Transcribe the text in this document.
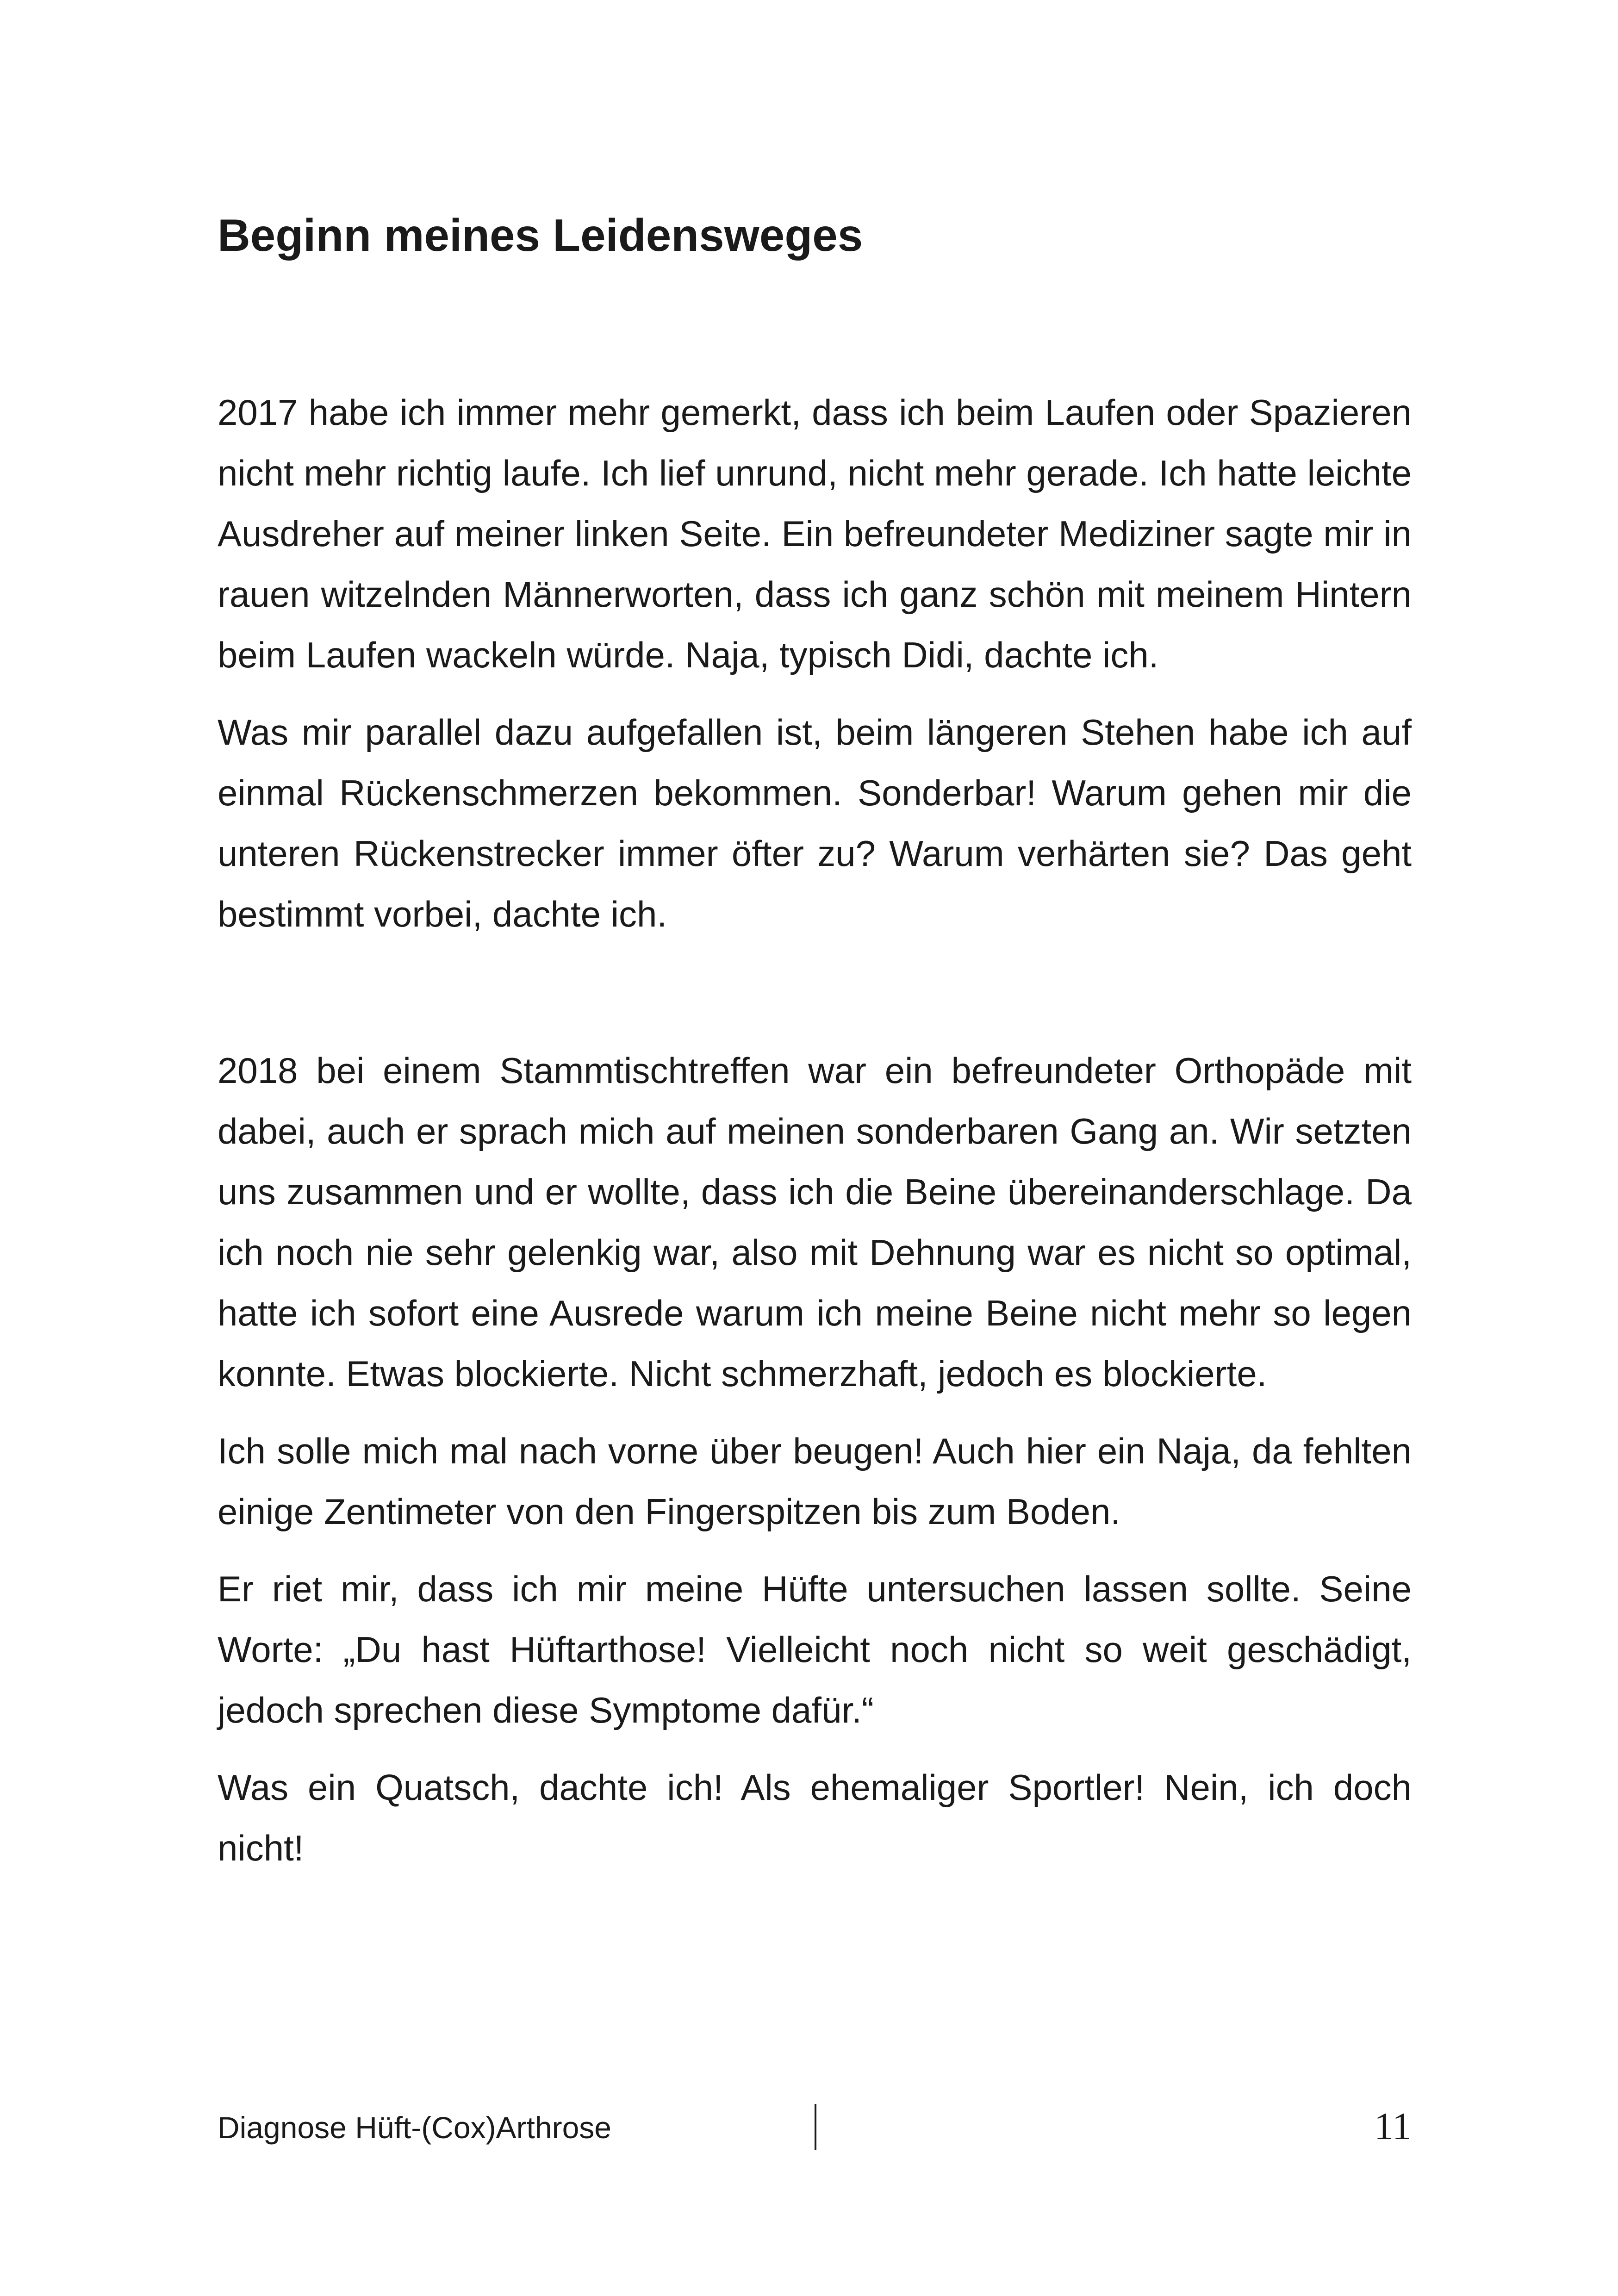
Beginn meines Leidensweges

2017 habe ich immer mehr gemerkt, dass ich beim Laufen oder Spazieren nicht mehr richtig laufe. Ich lief unrund, nicht mehr gerade. Ich hatte leichte Ausdreher auf meiner linken Seite. Ein befreundeter Mediziner sagte mir in rauen witzelnden Männerworten, dass ich ganz schön mit meinem Hintern beim Laufen wackeln würde. Naja, typisch Didi, dachte ich.

Was mir parallel dazu aufgefallen ist, beim längeren Stehen habe ich auf einmal Rückenschmerzen bekommen. Sonderbar! Warum gehen mir die unteren Rückenstrecker immer öfter zu? Warum verhärten sie? Das geht bestimmt vorbei, dachte ich.

2018 bei einem Stammtischtreffen war ein befreundeter Orthopäde mit dabei, auch er sprach mich auf meinen sonderbaren Gang an. Wir setzten uns zusammen und er wollte, dass ich die Beine übereinanderschlage. Da ich noch nie sehr gelenkig war, also mit Dehnung war es nicht so optimal, hatte ich sofort eine Ausrede warum ich meine Beine nicht mehr so legen konnte. Etwas blockierte. Nicht schmerzhaft, jedoch es blockierte.

Ich solle mich mal nach vorne über beugen! Auch hier ein Naja, da fehlten einige Zentimeter von den Fingerspitzen bis zum Boden.

Er riet mir, dass ich mir meine Hüfte untersuchen lassen sollte. Seine Worte: „Du hast Hüftarthose! Vielleicht noch nicht so weit geschädigt, jedoch sprechen diese Symptome dafür.“

Was ein Quatsch, dachte ich! Als ehemaliger Sportler! Nein, ich doch nicht!

Diagnose Hüft-(Cox)Arthrose	11
